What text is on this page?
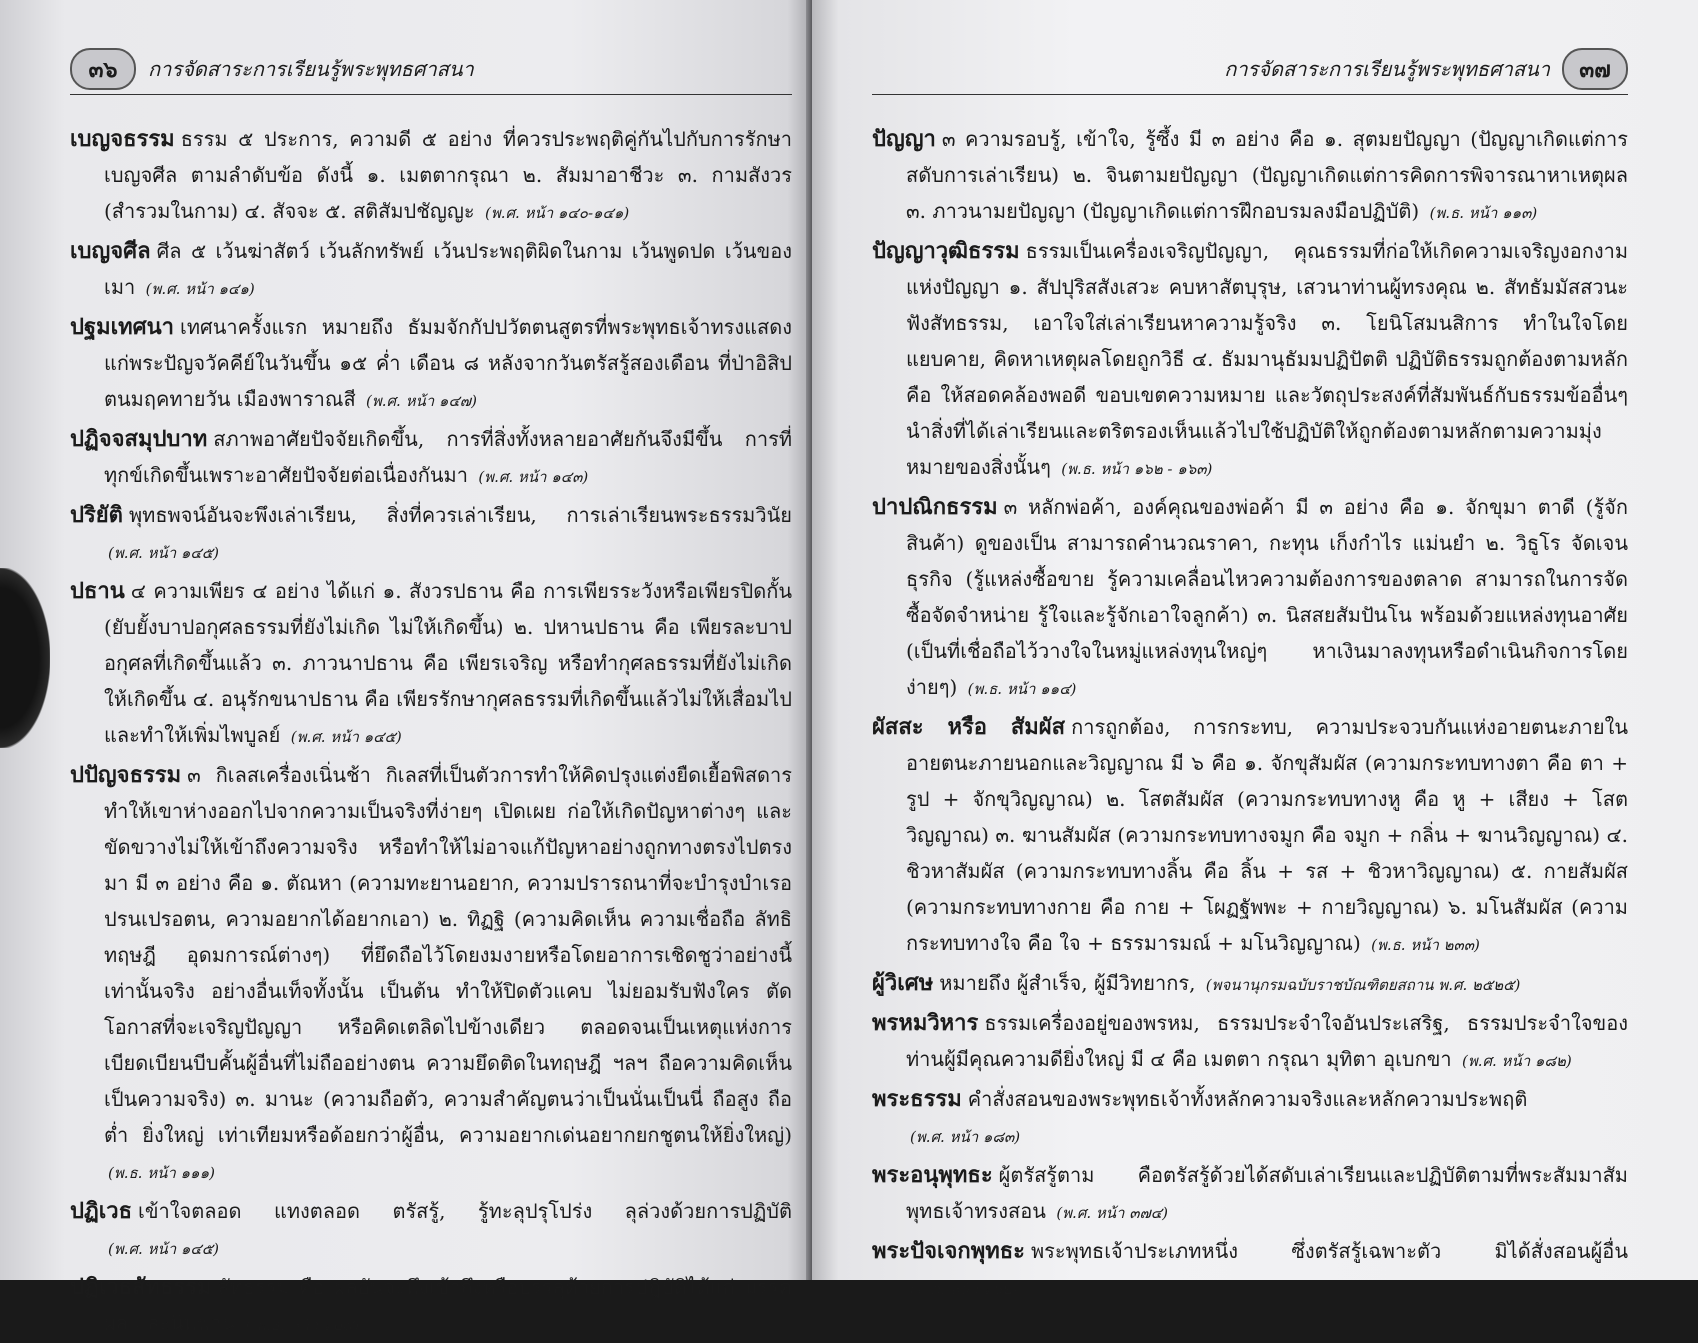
๓๖	การจัดสาระการเรียนรู้พระพุทธศาสนา

เบญจธรรม ธรรม ๕ ประการ, ความดี ๕ อย่าง ที่ควรประพฤติคู่กันไปกับการรักษาเบญจศีล ตามลำดับข้อ ดังนี้ ๑. เมตตากรุณา ๒. สัมมาอาชีวะ ๓. กามสังวร (สำรวมในกาม) ๔. สัจจะ ๕. สติสัมปชัญญะ (พ.ศ. หน้า ๑๔๐-๑๔๑)

เบญจศีล ศีล ๕ เว้นฆ่าสัตว์ เว้นลักทรัพย์ เว้นประพฤติผิดในกาม เว้นพูดปด เว้นของเมา (พ.ศ. หน้า ๑๔๑)

ปฐมเทศนา เทศนาครั้งแรก หมายถึง ธัมมจักกัปปวัตตนสูตรที่พระพุทธเจ้าทรงแสดงแก่พระปัญจวัคคีย์ในวันขึ้น ๑๕ ค่ำ เดือน ๘ หลังจากวันตรัสรู้สองเดือน ที่ป่าอิสิปตนมฤคทายวัน เมืองพาราณสี (พ.ศ. หน้า ๑๔๗)

ปฏิจจสมุปบาท สภาพอาศัยปัจจัยเกิดขึ้น, การที่สิ่งทั้งหลายอาศัยกันจึงมีขึ้น การที่ทุกข์เกิดขึ้นเพราะอาศัยปัจจัยต่อเนื่องกันมา (พ.ศ. หน้า ๑๔๓)

ปริยัติ พุทธพจน์อันจะพึงเล่าเรียน, สิ่งที่ควรเล่าเรียน, การเล่าเรียนพระธรรมวินัย (พ.ศ. หน้า ๑๔๕)

ปธาน ๔ ความเพียร ๔ อย่าง ได้แก่ ๑. สังวรปธาน คือ การเพียรระวังหรือเพียรปิดกั้น (ยับยั้งบาปอกุศลธรรมที่ยังไม่เกิด ไม่ให้เกิดขึ้น) ๒. ปหานปธาน คือ เพียรละบาปอกุศลที่เกิดขึ้นแล้ว ๓. ภาวนาปธาน คือ เพียรเจริญ หรือทำกุศลธรรมที่ยังไม่เกิดให้เกิดขึ้น ๔. อนุรักขนาปธาน คือ เพียรรักษากุศลธรรมที่เกิดขึ้นแล้วไม่ให้เสื่อมไปและทำให้เพิ่มไพบูลย์ (พ.ศ. หน้า ๑๔๕)

ปปัญจธรรม ๓ กิเลสเครื่องเนิ่นช้า กิเลสที่เป็นตัวการทำให้คิดปรุงแต่งยืดเยื้อพิสดาร ทำให้เขาห่างออกไปจากความเป็นจริงที่ง่ายๆ เปิดเผย ก่อให้เกิดปัญหาต่างๆ และขัดขวางไม่ให้เข้าถึงความจริง หรือทำให้ไม่อาจแก้ปัญหาอย่างถูกทางตรงไปตรงมา มี ๓ อย่าง คือ ๑. ตัณหา (ความทะยานอยาก, ความปรารถนาที่จะบำรุงบำเรอ ปรนเปรอตน, ความอยากได้อยากเอา) ๒. ทิฏฐิ (ความคิดเห็น ความเชื่อถือ ลัทธิ ทฤษฎี อุดมการณ์ต่างๆ) ที่ยึดถือไว้โดยงมงายหรือโดยอาการเชิดชูว่าอย่างนี้เท่านั้นจริง อย่างอื่นเท็จทั้งนั้น เป็นต้น ทำให้ปิดตัวแคบ ไม่ยอมรับฟังใคร ตัดโอกาสที่จะเจริญปัญญา หรือคิดเตลิดไปข้างเดียว ตลอดจนเป็นเหตุแห่งการเบียดเบียนบีบคั้นผู้อื่นที่ไม่ถืออย่างตน ความยึดติดในทฤษฎี ฯลฯ ถือความคิดเห็นเป็นความจริง) ๓. มานะ (ความถือตัว, ความสำคัญตนว่าเป็นนั่นเป็นนี่ ถือสูง ถือต่ำ ยิ่งใหญ่ เท่าเทียมหรือด้อยกว่าผู้อื่น, ความอยากเด่นอยากยกชูตนให้ยิ่งใหญ่) (พ.ธ. หน้า ๑๑๑)

ปฏิเวธ เข้าใจตลอด แทงตลอด ตรัสรู้, รู้ทะลุปรุโปร่ง ลุล่วงด้วยการปฏิบัติ (พ.ศ. หน้า ๑๔๕)

ปฏิเวธสัทธรรม สัทธรรม คือ ผลอันจะพึงเข้าถึงหรือบรรลุด้วยการปฏิบัติได้แก่ มรรค ผล และนิพพาน ( พ.ธ. หน้า ๑๒๕)

การจัดสาระการเรียนรู้พระพุทธศาสนา	๓๗

ปัญญา ๓ ความรอบรู้, เข้าใจ, รู้ซึ้ง มี ๓ อย่าง คือ ๑. สุตมยปัญญา (ปัญญาเกิดแต่การสดับการเล่าเรียน) ๒. จินตามยปัญญา (ปัญญาเกิดแต่การคิดการพิจารณาหาเหตุผล ๓. ภาวนามยปัญญา (ปัญญาเกิดแต่การฝึกอบรมลงมือปฏิบัติ) (พ.ธ. หน้า ๑๑๓)

ปัญญาวุฒิธรรม ธรรมเป็นเครื่องเจริญปัญญา, คุณธรรมที่ก่อให้เกิดความเจริญงอกงามแห่งปัญญา ๑. สัปปุริสสังเสวะ คบหาสัตบุรุษ, เสวนาท่านผู้ทรงคุณ ๒. สัทธัมมัสสวนะ ฟังสัทธรรม, เอาใจใส่เล่าเรียนหาความรู้จริง ๓. โยนิโสมนสิการ ทำในใจโดยแยบคาย, คิดหาเหตุผลโดยถูกวิธี ๔. ธัมมานุธัมมปฏิปัตติ ปฏิบัติธรรมถูกต้องตามหลัก คือ ให้สอดคล้องพอดี ขอบเขตความหมาย และวัตถุประสงค์ที่สัมพันธ์กับธรรมข้ออื่นๆ นำสิ่งที่ได้เล่าเรียนและตริตรองเห็นแล้วไปใช้ปฏิบัติให้ถูกต้องตามหลักตามความมุ่งหมายของสิ่งนั้นๆ (พ.ธ. หน้า ๑๖๒ - ๑๖๓)

ปาปณิกธรรม ๓ หลักพ่อค้า, องค์คุณของพ่อค้า มี ๓ อย่าง คือ ๑. จักขุมา ตาดี (รู้จักสินค้า) ดูของเป็น สามารถคำนวณราคา, กะทุน เก็งกำไร แม่นยำ ๒. วิธูโร จัดเจนธุรกิจ (รู้แหล่งซื้อขาย รู้ความเคลื่อนไหวความต้องการของตลาด สามารถในการจัดซื้อจัดจำหน่าย รู้ใจและรู้จักเอาใจลูกค้า) ๓. นิสสยสัมปันโน พร้อมด้วยแหล่งทุนอาศัย (เป็นที่เชื่อถือไว้วางใจในหมู่แหล่งทุนใหญ่ๆ หาเงินมาลงทุนหรือดำเนินกิจการโดยง่ายๆ) (พ.ธ. หน้า ๑๑๔)

ผัสสะ หรือ สัมผัส การถูกต้อง, การกระทบ, ความประจวบกันแห่งอายตนะภายใน อายตนะภายนอกและวิญญาณ มี ๖ คือ ๑. จักขุสัมผัส (ความกระทบทางตา คือ ตา + รูป + จักขุวิญญาณ) ๒. โสตสัมผัส (ความกระทบทางหู คือ หู + เสียง + โสตวิญญาณ) ๓. ฆานสัมผัส (ความกระทบทางจมูก คือ จมูก + กลิ่น + ฆานวิญญาณ) ๔. ชิวหาสัมผัส (ความกระทบทางลิ้น คือ ลิ้น + รส + ชิวหาวิญญาณ) ๕. กายสัมผัส (ความกระทบทางกาย คือ กาย + โผฏฐัพพะ + กายวิญญาณ) ๖. มโนสัมผัส (ความกระทบทางใจ คือ ใจ + ธรรมารมณ์ + มโนวิญญาณ) (พ.ธ. หน้า ๒๓๓)

ผู้วิเศษ หมายถึง ผู้สำเร็จ, ผู้มีวิทยากร, (พจนานุกรมฉบับราชบัณฑิตยสถาน พ.ศ. ๒๕๒๕)

พรหมวิหาร ธรรมเครื่องอยู่ของพรหม, ธรรมประจำใจอันประเสริฐ, ธรรมประจำใจของท่านผู้มีคุณความดียิ่งใหญ่ มี ๔ คือ เมตตา กรุณา มุทิตา อุเบกขา (พ.ศ. หน้า ๑๘๒)

พระธรรม คำสั่งสอนของพระพุทธเจ้าทั้งหลักความจริงและหลักความประพฤติ (พ.ศ. หน้า ๑๘๓)

พระอนุพุทธะ ผู้ตรัสรู้ตาม คือตรัสรู้ด้วยได้สดับเล่าเรียนและปฏิบัติตามที่พระสัมมาสัมพุทธเจ้าทรงสอน (พ.ศ. หน้า ๓๗๔)

พระปัจเจกพุทธะ พระพุทธเจ้าประเภทหนึ่ง ซึ่งตรัสรู้เฉพาะตัว มิได้สั่งสอนผู้อื่น (พ.ศ. หน้า ๑๖๒)
